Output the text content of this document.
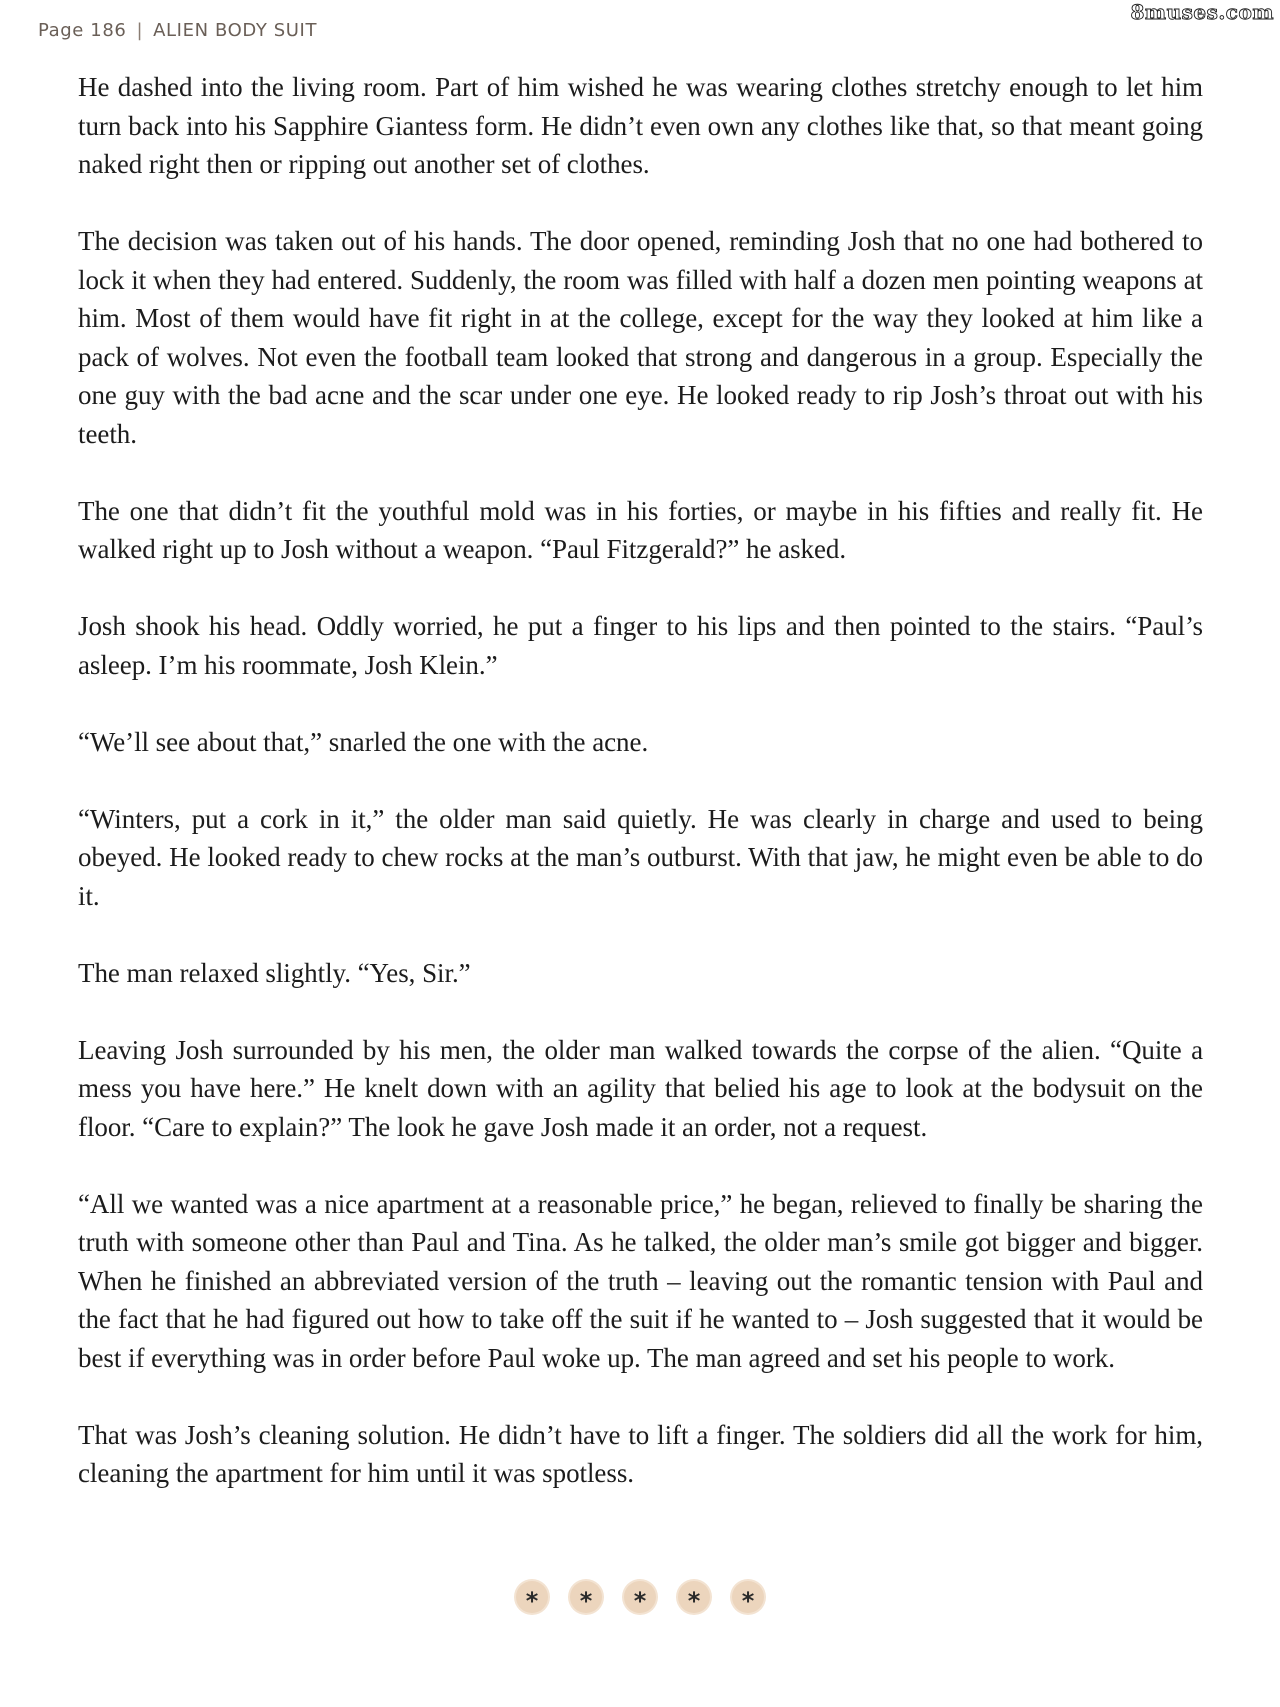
Page 186 | ALIEN BODY SUIT
8muses.com

He dashed into the living room. Part of him wished he was wearing clothes stretchy enough to let him turn back into his Sapphire Giantess form. He didn’t even own any clothes like that, so that meant going naked right then or ripping out another set of clothes.

The decision was taken out of his hands. The door opened, reminding Josh that no one had bothered to lock it when they had entered. Suddenly, the room was filled with half a dozen men pointing weapons at him. Most of them would have fit right in at the college, except for the way they looked at him like a pack of wolves. Not even the football team looked that strong and dangerous in a group. Especially the one guy with the bad acne and the scar under one eye. He looked ready to rip Josh’s throat out with his teeth.

The one that didn’t fit the youthful mold was in his forties, or maybe in his fifties and really fit. He walked right up to Josh without a weapon. “Paul Fitzgerald?” he asked.

Josh shook his head. Oddly worried, he put a finger to his lips and then pointed to the stairs. “Paul’s asleep. I’m his roommate, Josh Klein.”

“We’ll see about that,” snarled the one with the acne.

“Winters, put a cork in it,” the older man said quietly. He was clearly in charge and used to being obeyed. He looked ready to chew rocks at the man’s outburst. With that jaw, he might even be able to do it.

The man relaxed slightly. “Yes, Sir.”

Leaving Josh surrounded by his men, the older man walked towards the corpse of the alien. “Quite a mess you have here.” He knelt down with an agility that belied his age to look at the bodysuit on the floor. “Care to explain?” The look he gave Josh made it an order, not a request.

“All we wanted was a nice apartment at a reasonable price,” he began, relieved to finally be sharing the truth with someone other than Paul and Tina. As he talked, the older man’s smile got bigger and bigger. When he finished an abbreviated version of the truth – leaving out the romantic tension with Paul and the fact that he had figured out how to take off the suit if he wanted to – Josh suggested that it would be best if everything was in order before Paul woke up. The man agreed and set his people to work.

That was Josh’s cleaning solution. He didn’t have to lift a finger. The soldiers did all the work for him, cleaning the apartment for him until it was spotless.

*	*	*	*	*
